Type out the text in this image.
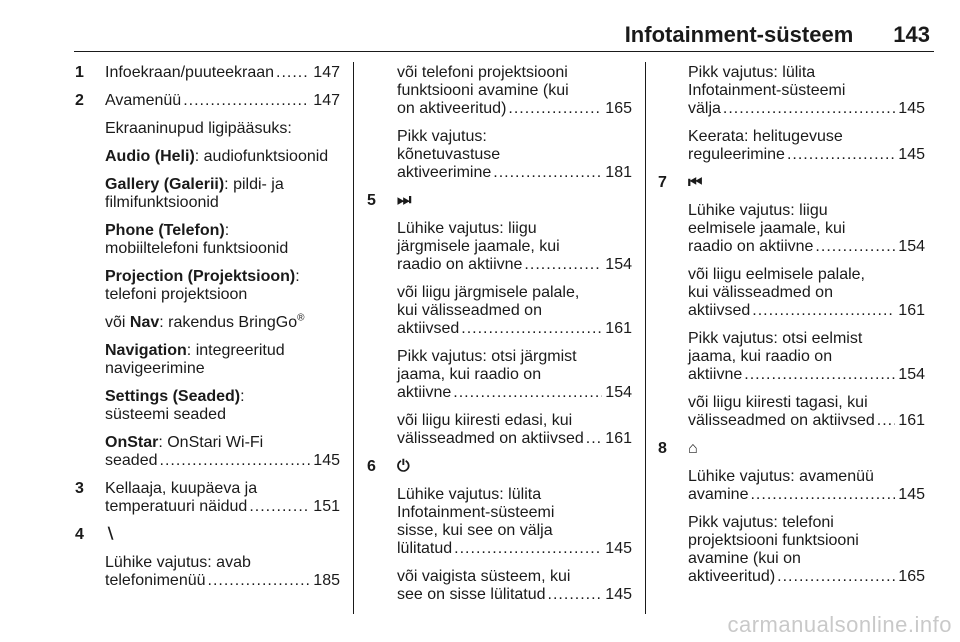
Infotainment-süsteem 143
1 Infoekraan/puuteekraan ..... 147
2 Avamenüü .....	147
Ekraaninupud ligipääsuks:
Audio (Heli): audiofunktsioonid
Gallery (Galerii): pildi- ja
filmifunktsioonid
Phone (Telefon):
mobiiltelefoni funktsioonid
Projection (Projektsioon):
telefoni projektsioon
või Nav: rakendus BringGo®
Navigation: integreeritud
navigeerimine
Settings (Seaded):
süsteemi seaded
OnStar: OnStari Wi-Fi
seaded .....	145
3 Kellaaja, kuupäeva ja
temperatuuri näidud .....	151
4 ∖
Lühike vajutus: avab
telefonimenüü .....	185
või telefoni projektsiooni
funktsiooni avamine (kui
on aktiveeritud) .....	165
Pikk vajutus:
kõnetuvastuse
aktiveerimine .....	181
5 ⏭
Lühike vajutus: liigu
järgmisele jaamale, kui
raadio on aktiivne .....	154
või liigu järgmisele palale,
kui välisseadmed on
aktiivsed .....	161
Pikk vajutus: otsi järgmist
jaama, kui raadio on
aktiivne .....	154
või liigu kiiresti edasi, kui
välisseadmed on aktiivsed ..... 161
6 ⏻
Lühike vajutus: lülita
Infotainment-süsteemi
sisse, kui see on välja
lülitatud .....	145
või vaigista süsteem, kui
see on sisse lülitatud .....	145
Pikk vajutus: lülita
Infotainment-süsteemi
välja .....	145
Keerata: helitugevuse
reguleerimine .....	145
7 ⏮
Lühike vajutus: liigu
eelmisele jaamale, kui
raadio on aktiivne .....	154
või liigu eelmisele palale,
kui välisseadmed on
aktiivsed .....	161
Pikk vajutus: otsi eelmist
jaama, kui raadio on
aktiivne .....	154
või liigu kiiresti tagasi, kui
välisseadmed on aktiivsed ..... 161
8 ⌂
Lühike vajutus: avamenüü
avamine .....	145
Pikk vajutus: telefoni
projektsiooni funktsiooni
avamine (kui on
aktiveeritud) .....	165
carmanualsonline.info
